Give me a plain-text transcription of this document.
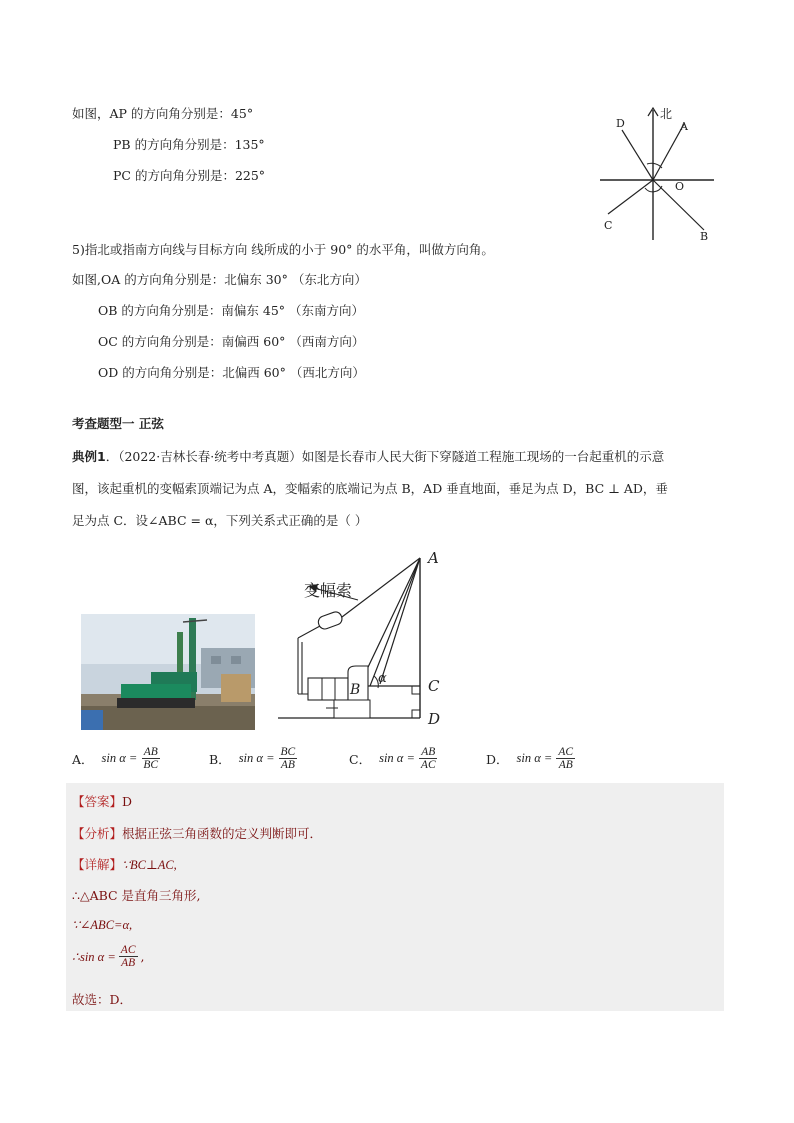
如图，AP 的方向角分别是：45°
PB 的方向角分别是：135°
PC 的方向角分别是：225°
北
A
D
O
C
B
5)指北或指南方向线与目标方向 线所成的小于 90° 的水平角，叫做方向角。
如图,OA 的方向角分别是：北偏东 30° （东北方向）
OB 的方向角分别是：南偏东 45° （东南方向）
OC 的方向角分别是：南偏西 60° （西南方向）
OD 的方向角分别是：北偏西 60° （西北方向）
考查题型一 正弦
典例1．（2022·吉林长春·统考中考真题）如图是长春市人民大街下穿隧道工程施工现场的一台起重机的示意
图，该起重机的变幅索顶端记为点 A，变幅索的底端记为点 B，AD 垂直地面，垂足为点 D，BC ⊥ AD，垂
足为点 C．设∠ABC = α，下列关系式正确的是（ ）
变幅索
A
B	C
D
α
A． $\sin \alpha = \frac{AB}{BC}$	B． $\sin \alpha = \frac{BC}{AB}$	C． $\sin \alpha = \frac{AB}{AC}$	D． $\sin \alpha = \frac{AC}{AB}$
【答案】D
【分析】根据正弦三角函数的定义判断即可．
【详解】∵BC⊥AC,
∴△ABC 是直角三角形,
∵∠ABC=α,
∴sin $\alpha = \frac{AC}{AB}$ ,
故选：D．
